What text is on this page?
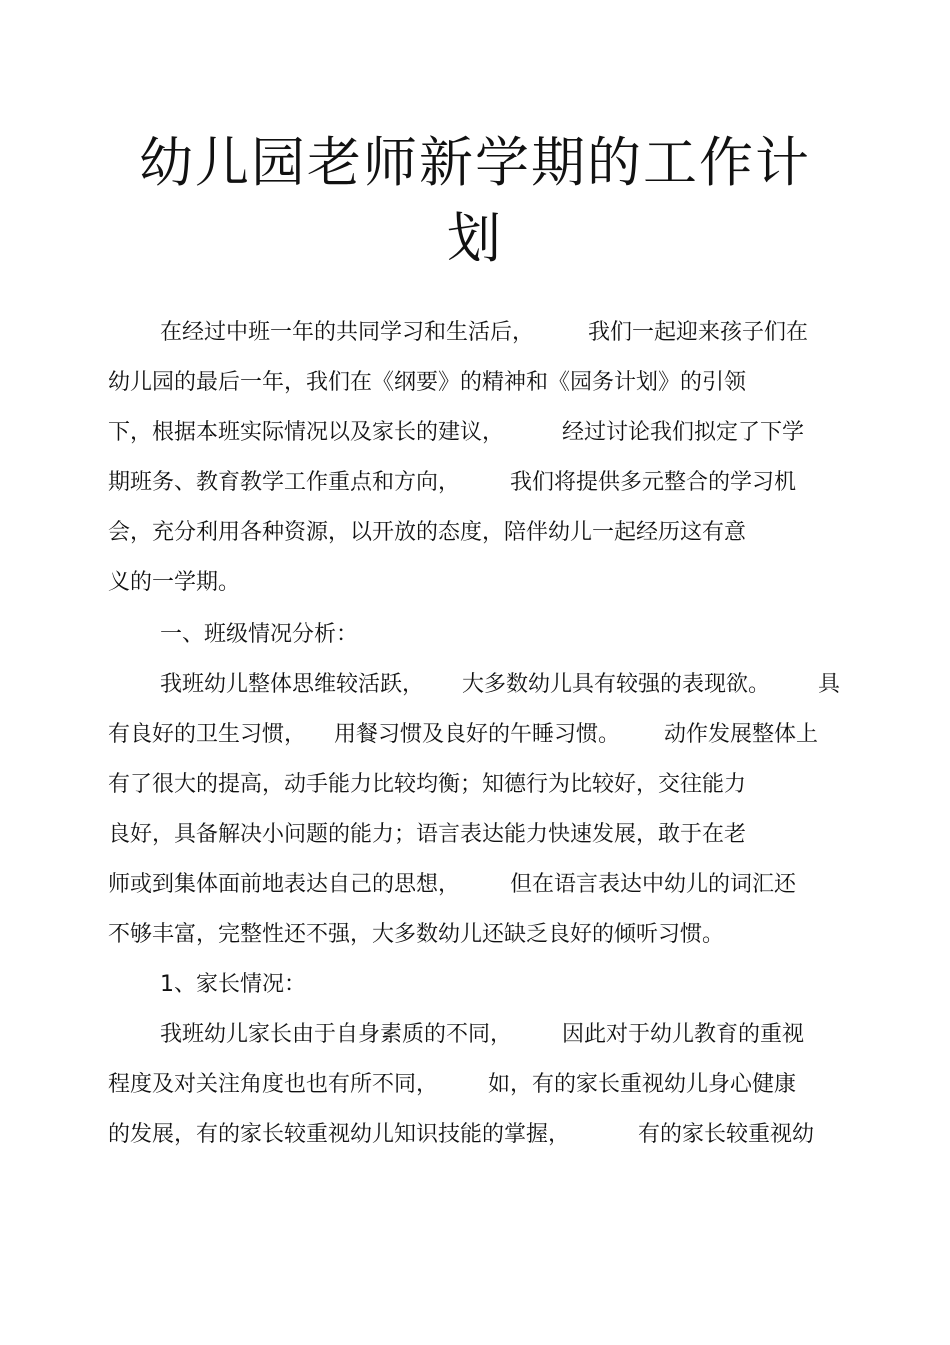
幼儿园老师新学期的工作计
划
在经过中班一年的共同学习和生活后， 我们一起迎来孩子们在
幼儿园的最后一年，我们在《纲要》的精神和《园务计划》的引领
下，根据本班实际情况以及家长的建议，	经过讨论我们拟定了下学
期班务、教育教学工作重点和方向， 我们将提供多元整合的学习机
会，充分利用各种资源，以开放的态度，陪伴幼儿一起经历这有意
义的一学期。
一、班级情况分析：
我班幼儿整体思维较活跃， 大多数幼儿具有较强的表现欲。 具
有良好的卫生习惯， 用餐习惯及良好的午睡习惯。 动作发展整体上
有了很大的提高，动手能力比较均衡；知德行为比较好，交往能力
良好，具备解决小问题的能力；语言表达能力快速发展，敢于在老
师或到集体面前地表达自己的思想， 但在语言表达中幼儿的词汇还
不够丰富，完整性还不强，大多数幼儿还缺乏良好的倾听习惯。
1、家长情况：
我班幼儿家长由于自身素质的不同， 因此对于幼儿教育的重视
程度及对关注角度也也有所不同， 如，有的家长重视幼儿身心健康
的发展，有的家长较重视幼儿知识技能的掌握，	有的家长较重视幼
